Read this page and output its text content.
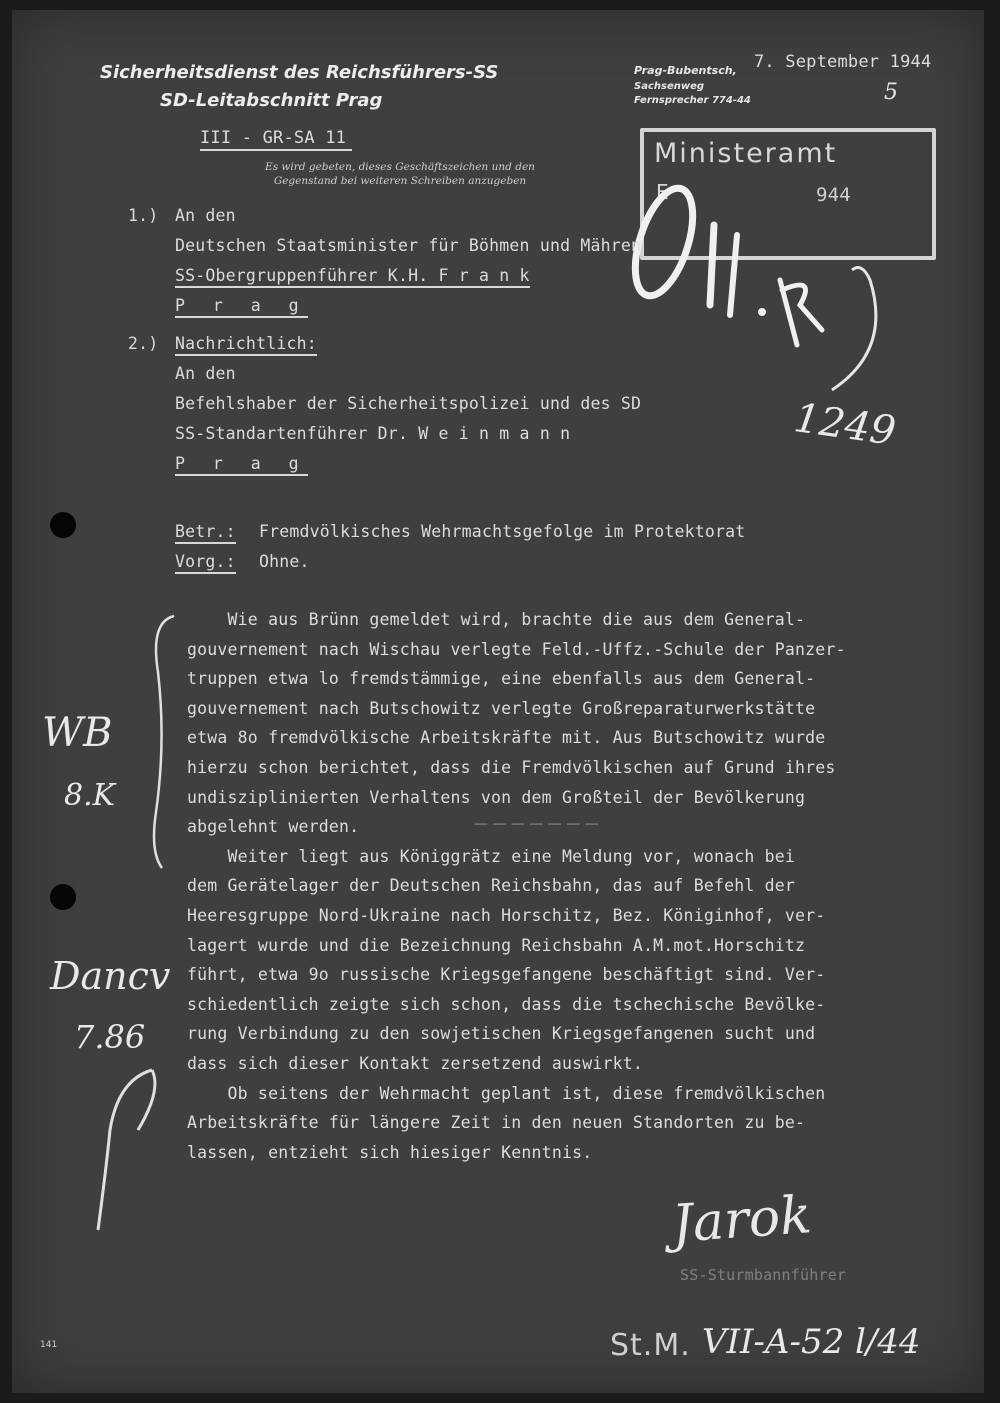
Sicherheitsdienst des Reichsführers-SS
SD-Leitabschnitt Prag
Prag-Bubentsch,
Sachsenweg
Fernsprecher 774-44
7. September 1944
5
III - GR-SA 11
Es wird gebeten, dieses Geschäftszeichen und den Gegenstand bei weiteren Schreiben anzugeben
Ministeramt
E	944
1249
1.) An den
Deutschen Staatsminister für Böhmen und Mähren
SS-Obergruppenführer K.H. F r a n k
P r a g
2.) Nachrichtlich:
An den
Befehlshaber der Sicherheitspolizei und des SD
SS-Standartenführer Dr. W e i n m a n n
P r a g
Betr.: Fremdvölkisches Wehrmachtsgefolge im Protektorat
Vorg.: Ohne.
Wie aus Brünn gemeldet wird, brachte die aus dem General-
gouvernement nach Wischau verlegte Feld.-Uffz.-Schule der Panzer-
truppen etwa lo fremdstämmige, eine ebenfalls aus dem General-
gouvernement nach Butschowitz verlegte Großreparaturwerkstätte
etwa 8o fremdvölkische Arbeitskräfte mit. Aus Butschowitz wurde
hierzu schon berichtet, dass die Fremdvölkischen auf Grund ihres
undisziplinierten Verhaltens von dem Großteil der Bevölkerung
abgelehnt werden.
Weiter liegt aus Königgrätz eine Meldung vor, wonach bei
dem Gerätelager der Deutschen Reichsbahn, das auf Befehl der
Heeresgruppe Nord-Ukraine nach Horschitz, Bez. Königinhof, ver-
lagert wurde und die Bezeichnung Reichsbahn A.M.mot.Horschitz
führt, etwa 9o russische Kriegsgefangene beschäftigt sind. Ver-
schiedentlich zeigte sich schon, dass die tschechische Bevölke-
rung Verbindung zu den sowjetischen Kriegsgefangenen sucht und
dass sich dieser Kontakt zersetzend auswirkt.
Ob seitens der Wehrmacht geplant ist, diese fremdvölkischen
Arbeitskräfte für längere Zeit in den neuen Standorten zu be-
lassen, entzieht sich hiesiger Kenntnis.
— — — — — — —
WB
8.K
Dancv
7.86
Jarok
SS-Sturmbannführer
St.M. VII-A-52 l/44
141
